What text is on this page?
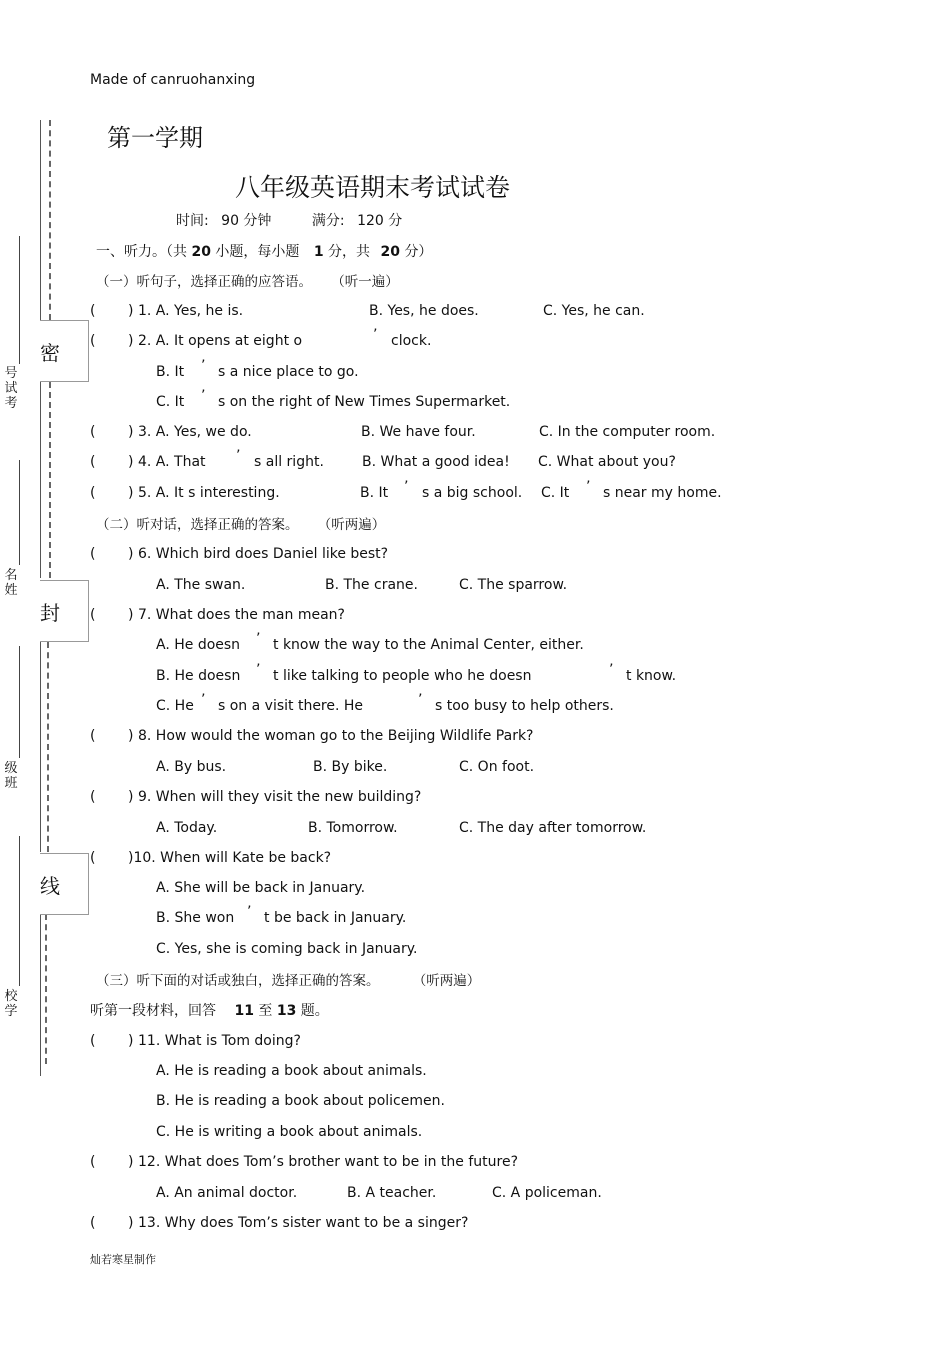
Made of canruohanxing
第一学期
八年级英语期末考试试卷
时间: 90 分钟	满分: 120 分
密
封
线
号试考
名姓
级班
校学
一、听力。（共 20 小题，每小题 1 分，共 20 分）
（一）听句子，选择正确的应答语。 （听一遍）
( ) 1. A. Yes, he is.	B. Yes, he does.	C. Yes, he can.
( ) 2. A. It opens at eight o	’ clock.
B. It ’ s a nice place to go.
C. It ’ s on the right of New Times Supermarket.
( ) 3. A. Yes, we do.	B. We have four.	C. In the computer room.
( ) 4. A. That ’ s all right.	B. What a good idea! C. What about you?
( ) 5. A. It s interesting.	B. It ’ s a big school. C. It ’ s near my home.
（二）听对话，选择正确的答案。 （听两遍）
( ) 6. Which bird does Daniel like best?
A. The swan.	B. The crane.	C. The sparrow.
( ) 7. What does the man mean?
A. He doesn ’ t know the way to the Animal Center, either.
B. He doesn ’ t like talking to people who he doesn	’ t know.
C. He ’ s on a visit there. He	’ s too busy to help others.
( ) 8. How would the woman go to the Beijing Wildlife Park?
A. By bus.	B. By bike.	C. On foot.
( ) 9. When will they visit the new building?
A. Today.	B. Tomorrow.	C. The day after tomorrow.
( )10. When will Kate be back?
A. She will be back in January.
B. She won ’ t be back in January.
C. Yes, she is coming back in January.
（三）听下面的对话或独白，选择正确的答案。	（听两遍）
听第一段材料，回答 11 至 13 题。
( ) 11. What is Tom doing?
A. He is reading a book about animals.
B. He is reading a book about policemen.
C. He is writing a book about animals.
( ) 12. What does Tom’s brother want to be in the future?
A. An animal doctor.	B. A teacher.	C. A policeman.
( ) 13. Why does Tom’s sister want to be a singer?
灿若寒星制作
